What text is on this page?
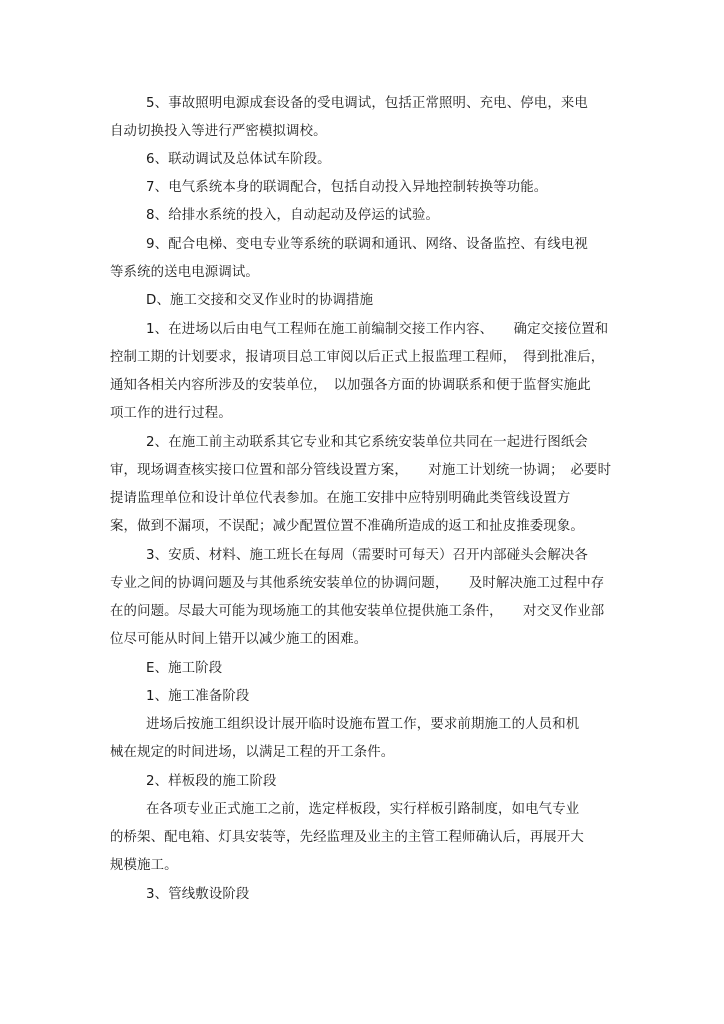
5、事故照明电源成套设备的受电调试，包括正常照明、充电、停电，来电
自动切换投入等进行严密模拟调校。
6、联动调试及总体试车阶段。
7、电气系统本身的联调配合，包括自动投入异地控制转换等功能。
8、给排水系统的投入，自动起动及停运的试验。
9、配合电梯、变电专业等系统的联调和通讯、网络、设备监控、有线电视
等系统的送电电源调试。
D、施工交接和交叉作业时的协调措施
1、在进场以后由电气工程师在施工前编制交接工作内容、　　确定交接位置和
控制工期的计划要求，报请项目总工审阅以后正式上报监理工程师，　得到批准后，
通知各相关内容所涉及的安装单位，　以加强各方面的协调联系和便于监督实施此
项工作的进行过程。
2、在施工前主动联系其它专业和其它系统安装单位共同在一起进行图纸会
审，现场调查核实接口位置和部分管线设置方案，　　对施工计划统一协调；　必要时
提请监理单位和设计单位代表参加。在施工安排中应特别明确此类管线设置方
案，做到不漏项，不误配；减少配置位置不准确所造成的返工和扯皮推委现象。
3、安质、材料、施工班长在每周（需要时可每天）召开内部碰头会解决各
专业之间的协调问题及与其他系统安装单位的协调问题，　　及时解决施工过程中存
在的问题。尽最大可能为现场施工的其他安装单位提供施工条件，　　对交叉作业部
位尽可能从时间上错开以减少施工的困难。
E、施工阶段
1、施工准备阶段
进场后按施工组织设计展开临时设施布置工作，要求前期施工的人员和机
械在规定的时间进场，以满足工程的开工条件。
2、样板段的施工阶段
在各项专业正式施工之前，选定样板段，实行样板引路制度，如电气专业
的桥架、配电箱、灯具安装等，先经监理及业主的主管工程师确认后，再展开大
规模施工。
3、管线敷设阶段
